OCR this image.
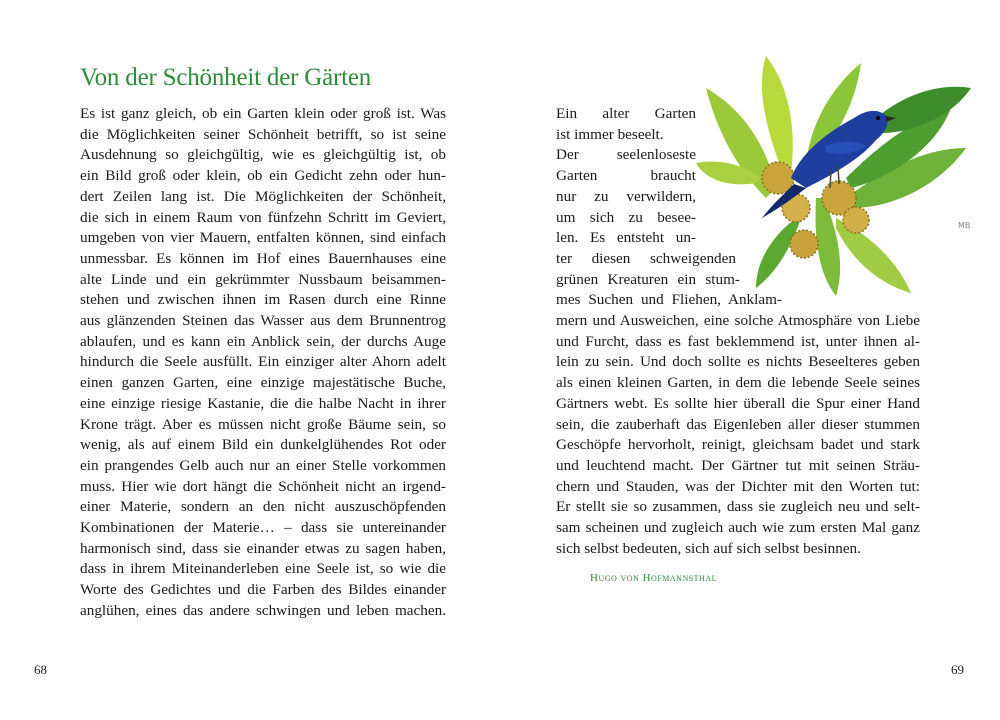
Von der Schönheit der Gärten
Es ist ganz gleich, ob ein Garten klein oder groß ist. Was
die Möglichkeiten seiner Schönheit betrifft, so ist seine
Ausdehnung so gleichgültig, wie es gleichgültig ist, ob
ein Bild groß oder klein, ob ein Gedicht zehn oder hun-
dert Zeilen lang ist. Die Möglichkeiten der Schönheit,
die sich in einem Raum von fünfzehn Schritt im Geviert,
umgeben von vier Mauern, entfalten können, sind einfach
unmessbar. Es können im Hof eines Bauernhauses eine
alte Linde und ein gekrümmter Nussbaum beisammen-
stehen und zwischen ihnen im Rasen durch eine Rinne
aus glänzenden Steinen das Wasser aus dem Brunnentrog
ablaufen, und es kann ein Anblick sein, der durchs Auge
hindurch die Seele ausfüllt. Ein einziger alter Ahorn adelt
einen ganzen Garten, eine einzige majestätische Buche,
eine einzige riesige Kastanie, die die halbe Nacht in ihrer
Krone trägt. Aber es müssen nicht große Bäume sein, so
wenig, als auf einem Bild ein dunkelglühendes Rot oder
ein prangendes Gelb auch nur an einer Stelle vorkommen
muss. Hier wie dort hängt die Schönheit nicht an irgend-
einer Materie, sondern an den nicht auszuschöpfenden
Kombinationen der Materie… – dass sie untereinander
harmonisch sind, dass sie einander etwas zu sagen haben,
dass in ihrem Miteinanderleben eine Seele ist, so wie die
Worte des Gedichtes und die Farben des Bildes einander
anglühen, eines das andere schwingen und leben machen.
68
MB
Ein alter Garten
ist immer beseelt.
Der seelenloseste
Garten braucht
nur zu verwildern,
um sich zu besee-
len. Es entsteht un-
ter diesen schweigenden
grünen Kreaturen ein stum-
mes Suchen und Fliehen, Anklam-
mern und Ausweichen, eine solche Atmosphäre von Liebe
und Furcht, dass es fast beklemmend ist, unter ihnen al-
lein zu sein. Und doch sollte es nichts Beseelteres geben
als einen kleinen Garten, in dem die lebende Seele seines
Gärtners webt. Es sollte hier überall die Spur einer Hand
sein, die zauberhaft das Eigenleben aller dieser stummen
Geschöpfe hervorholt, reinigt, gleichsam badet und stark
und leuchtend macht. Der Gärtner tut mit seinen Sträu-
chern und Stauden, was der Dichter mit den Worten tut:
Er stellt sie so zusammen, dass sie zugleich neu und selt-
sam scheinen und zugleich auch wie zum ersten Mal ganz
sich selbst bedeuten, sich auf sich selbst besinnen.
Hugo von Hofmannsthal
69
